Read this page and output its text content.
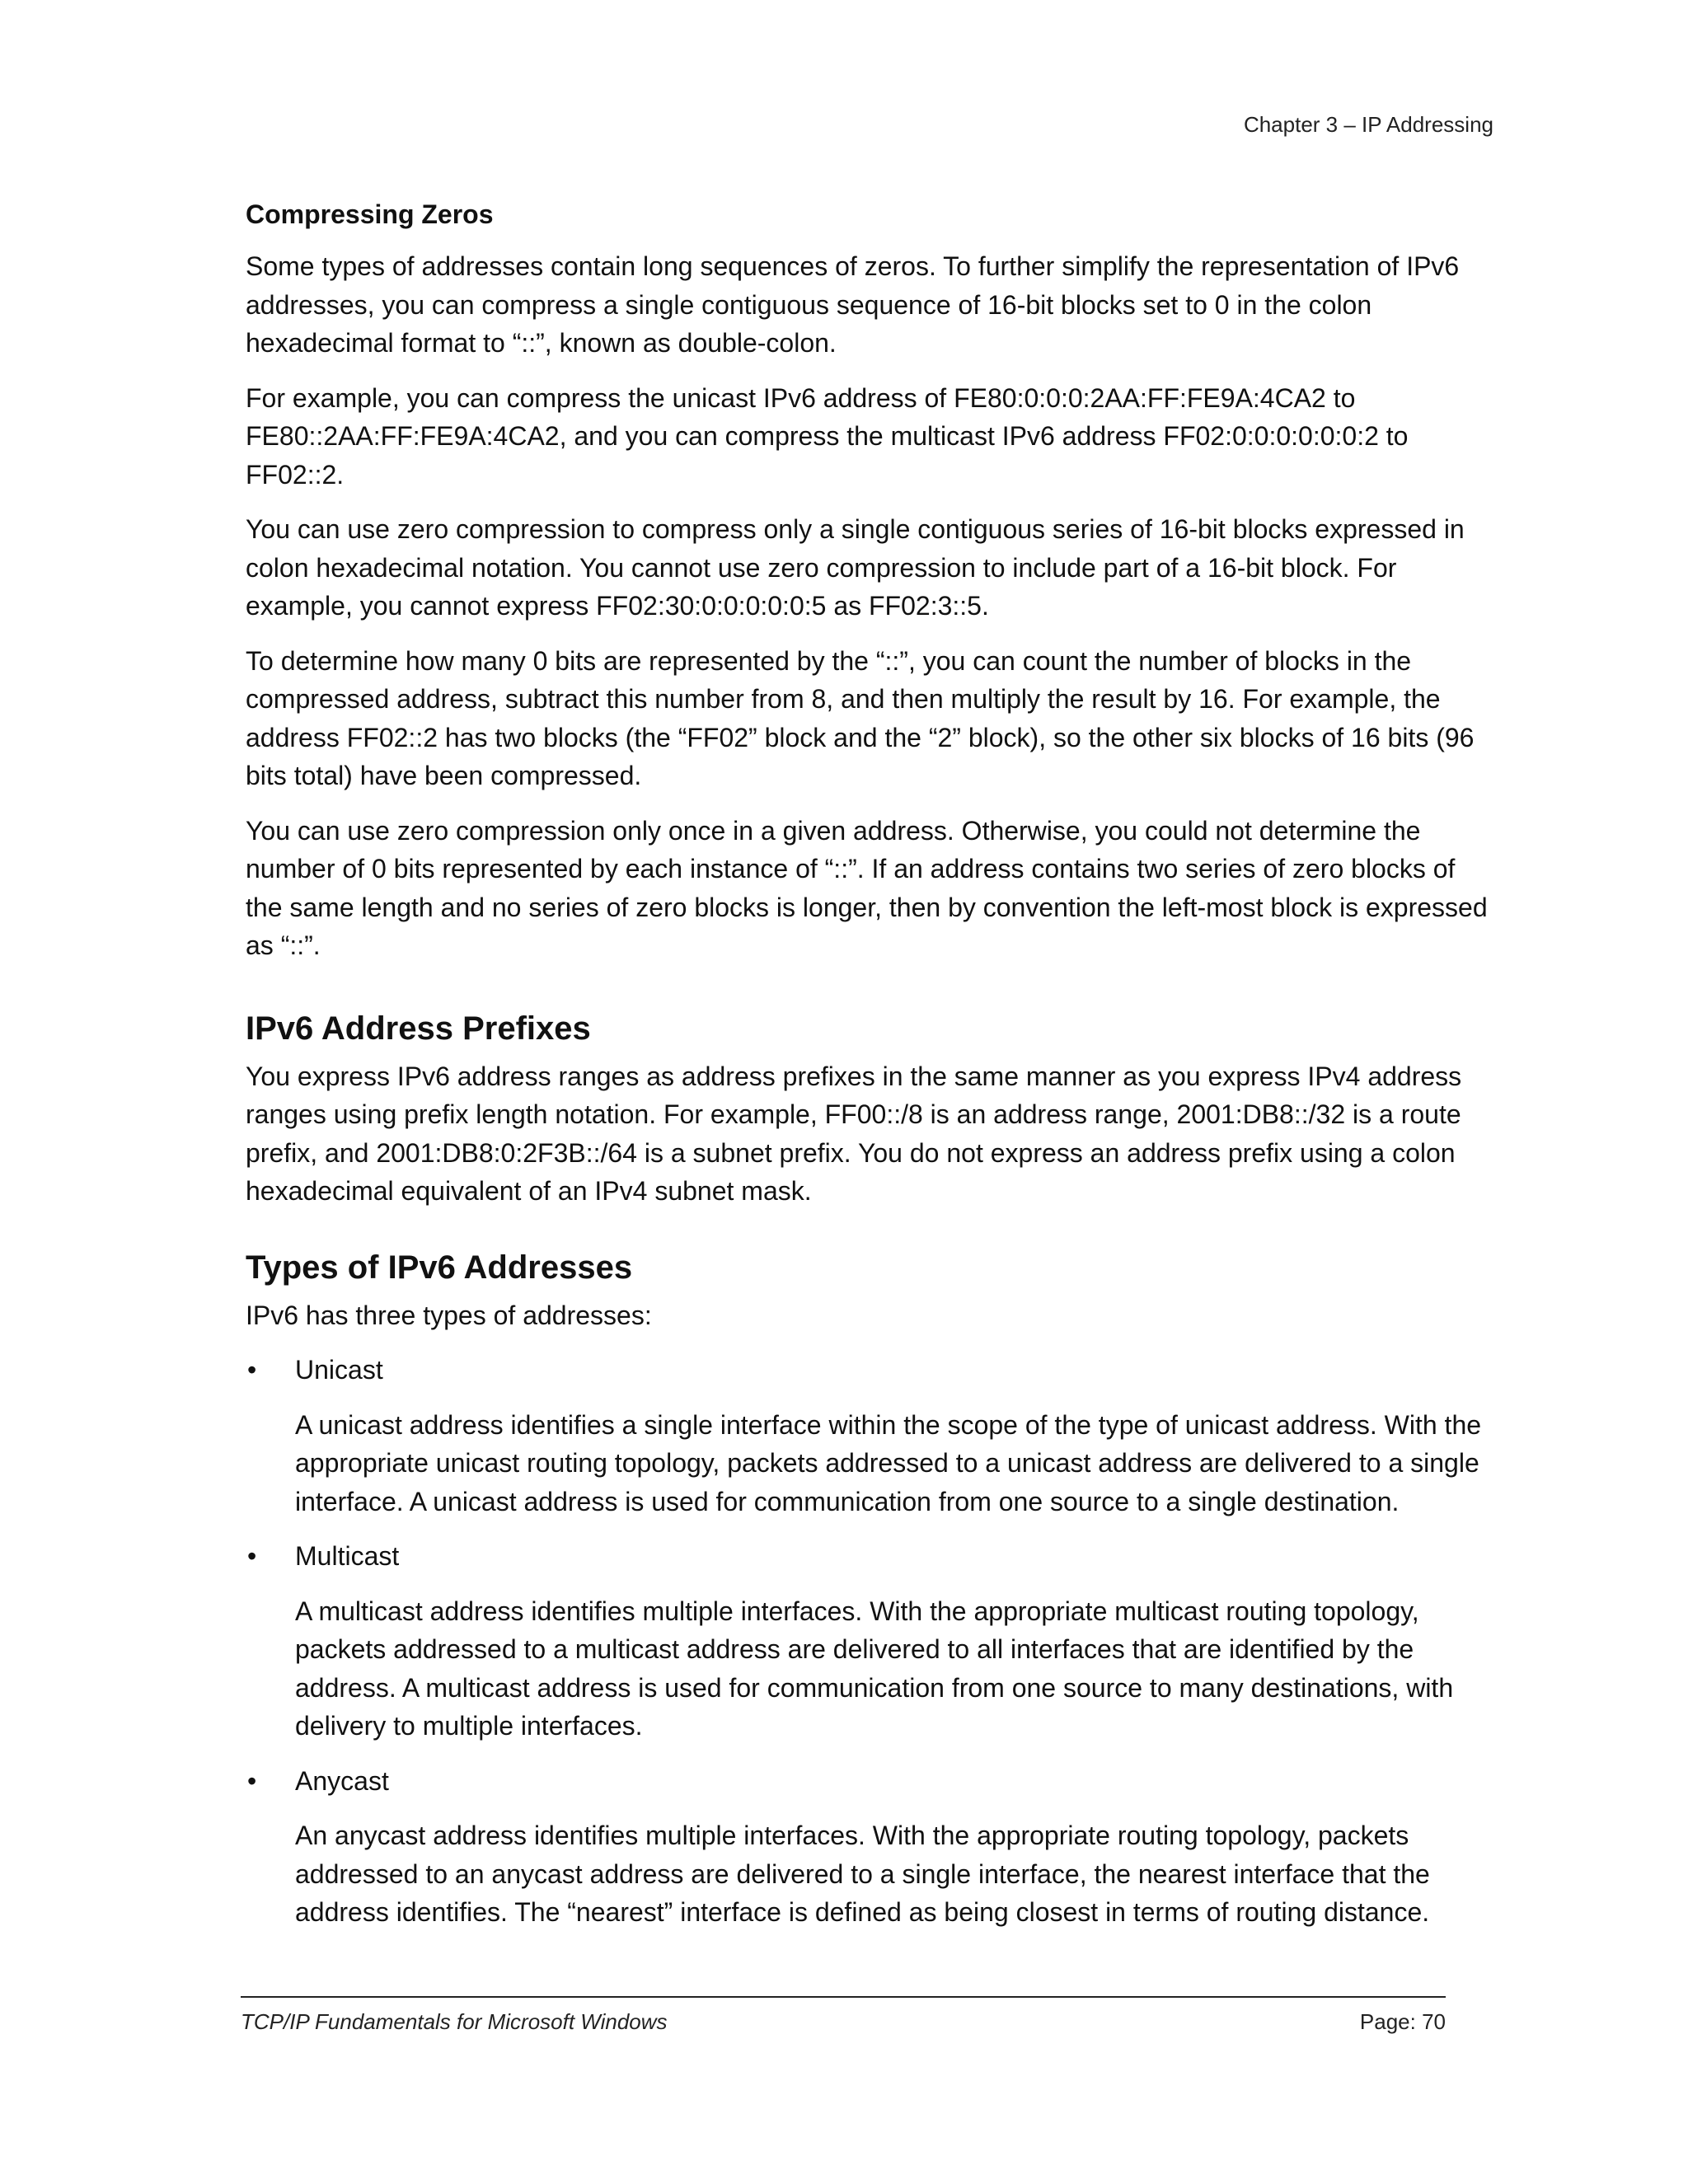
Chapter 3 – IP Addressing
Compressing Zeros

Some types of addresses contain long sequences of zeros. To further simplify the representation of IPv6 addresses, you can compress a single contiguous sequence of 16-bit blocks set to 0 in the colon hexadecimal format to “::”, known as double-colon.

For example, you can compress the unicast IPv6 address of FE80:0:0:0:2AA:FF:FE9A:4CA2 to FE80::2AA:FF:FE9A:4CA2, and you can compress the multicast IPv6 address FF02:0:0:0:0:0:0:2 to FF02::2.

You can use zero compression to compress only a single contiguous series of 16-bit blocks expressed in colon hexadecimal notation. You cannot use zero compression to include part of a 16-bit block. For example, you cannot express FF02:30:0:0:0:0:0:5 as FF02:3::5.

To determine how many 0 bits are represented by the “::”, you can count the number of blocks in the compressed address, subtract this number from 8, and then multiply the result by 16. For example, the address FF02::2 has two blocks (the “FF02” block and the “2” block), so the other six blocks of 16 bits (96 bits total) have been compressed.

You can use zero compression only once in a given address. Otherwise, you could not determine the number of 0 bits represented by each instance of “::”. If an address contains two series of zero blocks of the same length and no series of zero blocks is longer, then by convention the left-most block is expressed as “::”.

IPv6 Address Prefixes

You express IPv6 address ranges as address prefixes in the same manner as you express IPv4 address ranges using prefix length notation. For example, FF00::/8 is an address range, 2001:DB8::/32 is a route prefix, and 2001:DB8:0:2F3B::/64 is a subnet prefix. You do not express an address prefix using a colon hexadecimal equivalent of an IPv4 subnet mask.

Types of IPv6 Addresses

IPv6 has three types of addresses:

• Unicast

A unicast address identifies a single interface within the scope of the type of unicast address. With the appropriate unicast routing topology, packets addressed to a unicast address are delivered to a single interface. A unicast address is used for communication from one source to a single destination.

• Multicast

A multicast address identifies multiple interfaces. With the appropriate multicast routing topology, packets addressed to a multicast address are delivered to all interfaces that are identified by the address. A multicast address is used for communication from one source to many destinations, with delivery to multiple interfaces.

• Anycast

An anycast address identifies multiple interfaces. With the appropriate routing topology, packets addressed to an anycast address are delivered to a single interface, the nearest interface that the address identifies. The “nearest” interface is defined as being closest in terms of routing distance.

TCP/IP Fundamentals for Microsoft Windows	Page: 70
